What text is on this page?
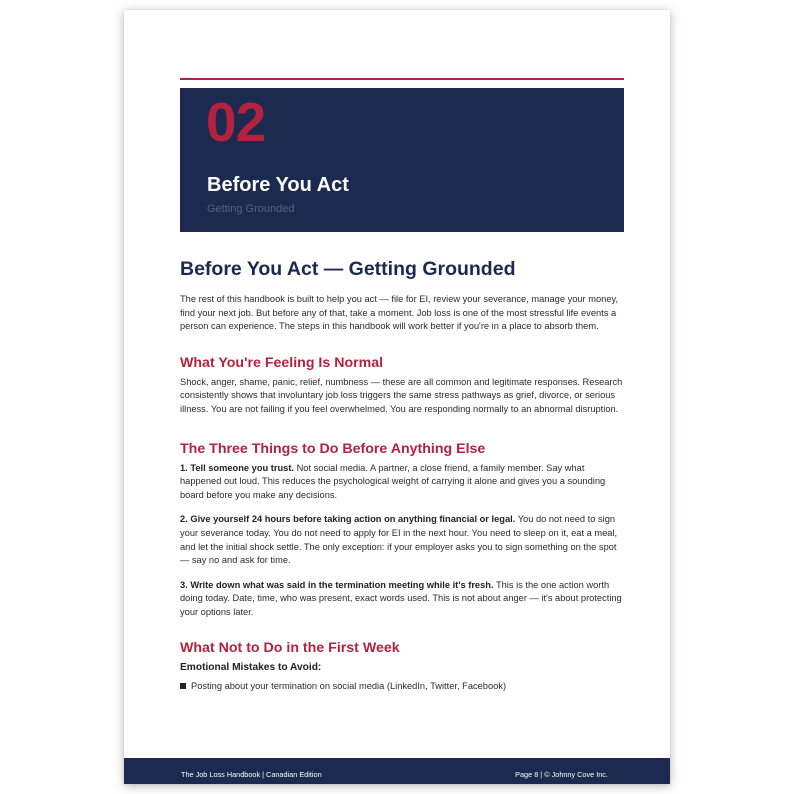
02
Before You Act
Getting Grounded
Before You Act — Getting Grounded

The rest of this handbook is built to help you act — file for EI, review your severance, manage your money, find your next job. But before any of that, take a moment. Job loss is one of the most stressful life events a person can experience. The steps in this handbook will work better if you're in a place to absorb them.

What You're Feeling Is Normal

Shock, anger, shame, panic, relief, numbness — these are all common and legitimate responses. Research consistently shows that involuntary job loss triggers the same stress pathways as grief, divorce, or serious illness. You are not failing if you feel overwhelmed. You are responding normally to an abnormal disruption.

The Three Things to Do Before Anything Else

1. Tell someone you trust. Not social media. A partner, a close friend, a family member. Say what happened out loud. This reduces the psychological weight of carrying it alone and gives you a sounding board before you make any decisions.

2. Give yourself 24 hours before taking action on anything financial or legal. You do not need to sign your severance today. You do not need to apply for EI in the next hour. You need to sleep on it, eat a meal, and let the initial shock settle. The only exception: if your employer asks you to sign something on the spot — say no and ask for time.

3. Write down what was said in the termination meeting while it's fresh. This is the one action worth doing today. Date, time, who was present, exact words used. This is not about anger — it's about protecting your options later.

What Not to Do in the First Week
Emotional Mistakes to Avoid:
Posting about your termination on social media (LinkedIn, Twitter, Facebook)
The Job Loss Handbook | Canadian Edition	Page 8 | © Johnny Cove Inc.
